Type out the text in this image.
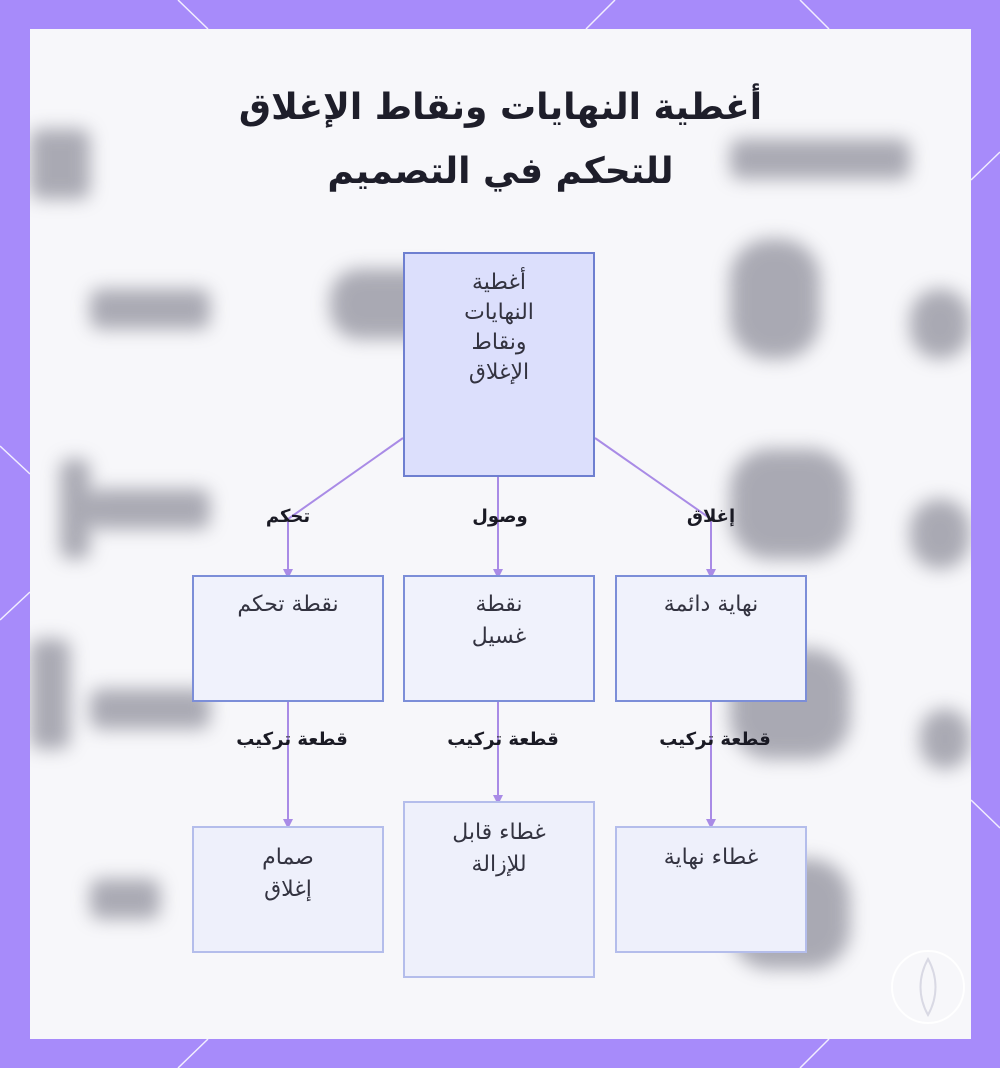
أغطية النهايات ونقاط الإغلاق
للتحكم في التصميم
تحكم	وصول	إغلاق
قطعة تركيب	قطعة تركيب	قطعة تركيب
أغطية النهايات ونقاط الإغلاق
نقطة تحكم	نقطة غسيل
نهاية دائمة
صمام إغلاق
غطاء قابل للإزالة	غطاء نهاية
